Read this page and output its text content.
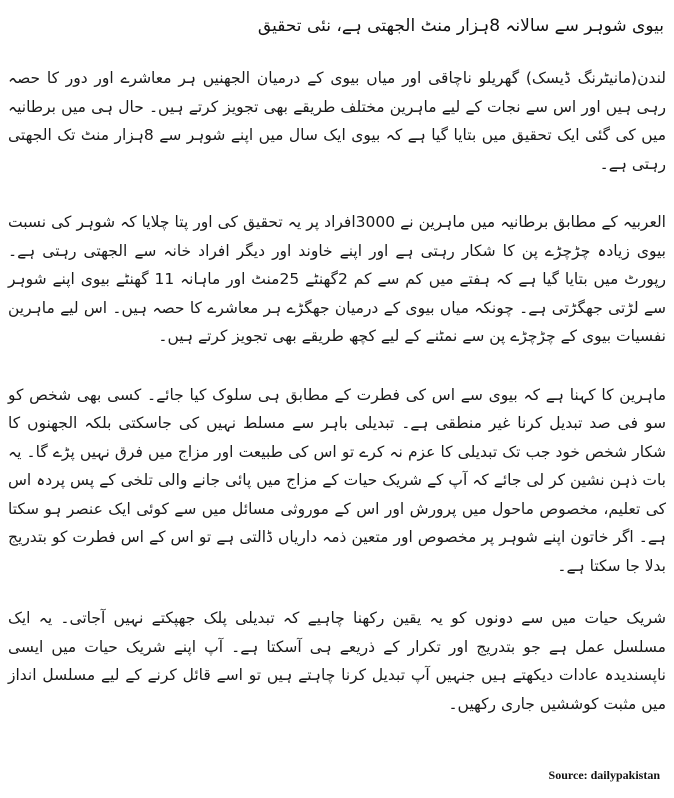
بیوی شوہر سے سالانہ 8ہزار منٹ الجھتی ہے، نئی تحقیق

لندن(مانیٹرنگ ڈیسک) گھریلو ناچاقی اور میاں بیوی کے درمیان الجھنیں ہر معاشرے اور دور کا حصہ رہی ہیں اور اس سے نجات کے لیے ماہرین مختلف طریقے بھی تجویز کرتے ہیں۔ حال ہی میں برطانیہ میں کی گئی ایک تحقیق میں بتایا گیا ہے کہ بیوی ایک سال میں اپنے شوہر سے 8ہزار منٹ تک الجھتی رہتی ہے۔

العربیہ کے مطابق برطانیہ میں ماہرین نے 3000افراد پر یہ تحقیق کی اور پتا چلایا کہ شوہر کی نسبت بیوی زیادہ چڑچڑے پن کا شکار رہتی ہے اور اپنے خاوند اور دیگر افراد خانہ سے الجھتی رہتی ہے۔ رپورٹ میں بتایا گیا ہے کہ ہفتے میں کم سے کم 2گھنٹے 25منٹ اور ماہانہ 11 گھنٹے بیوی اپنے شوہر سے لڑتی جھگڑتی ہے۔ چونکہ میاں بیوی کے درمیان جھگڑے ہر معاشرے کا حصہ ہیں۔ اس لیے ماہرین نفسیات بیوی کے چڑچڑے پن سے نمٹنے کے لیے کچھ طریقے بھی تجویز کرتے ہیں۔

ماہرین کا کہنا ہے کہ بیوی سے اس کی فطرت کے مطابق ہی سلوک کیا جائے۔ کسی بھی شخص کو سو فی صد تبدیل کرنا غیر منطقی ہے۔ تبدیلی باہر سے مسلط نہیں کی جاسکتی بلکہ الجھنوں کا شکار شخص خود جب تک تبدیلی کا عزم نہ کرے تو اس کی طبیعت اور مزاج میں فرق نہیں پڑے گا۔ یہ بات ذہن نشین کر لی جائے کہ آپ کے شریک حیات کے مزاج میں پائی جانے والی تلخی کے پس پردہ اس کی تعلیم، مخصوص ماحول میں پرورش اور اس کے موروثی مسائل میں سے کوئی ایک عنصر ہو سکتا ہے۔ اگر خاتون اپنے شوہر پر مخصوص اور متعین ذمہ داریاں ڈالتی ہے تو اس کے اس فطرت کو بتدریج بدلا جا سکتا ہے۔

شریک حیات میں سے دونوں کو یہ یقین رکھنا چاہیے کہ تبدیلی پلک جھپکتے نہیں آجاتی۔ یہ ایک مسلسل عمل ہے جو بتدریج اور تکرار کے ذریعے ہی آسکتا ہے۔ آپ اپنے شریک حیات میں ایسی ناپسندیدہ عادات دیکھتے ہیں جنہیں آپ تبدیل کرنا چاہتے ہیں تو اسے قائل کرنے کے لیے مسلسل انداز میں مثبت کوششیں جاری رکھیں۔

Source: dailypakistan
